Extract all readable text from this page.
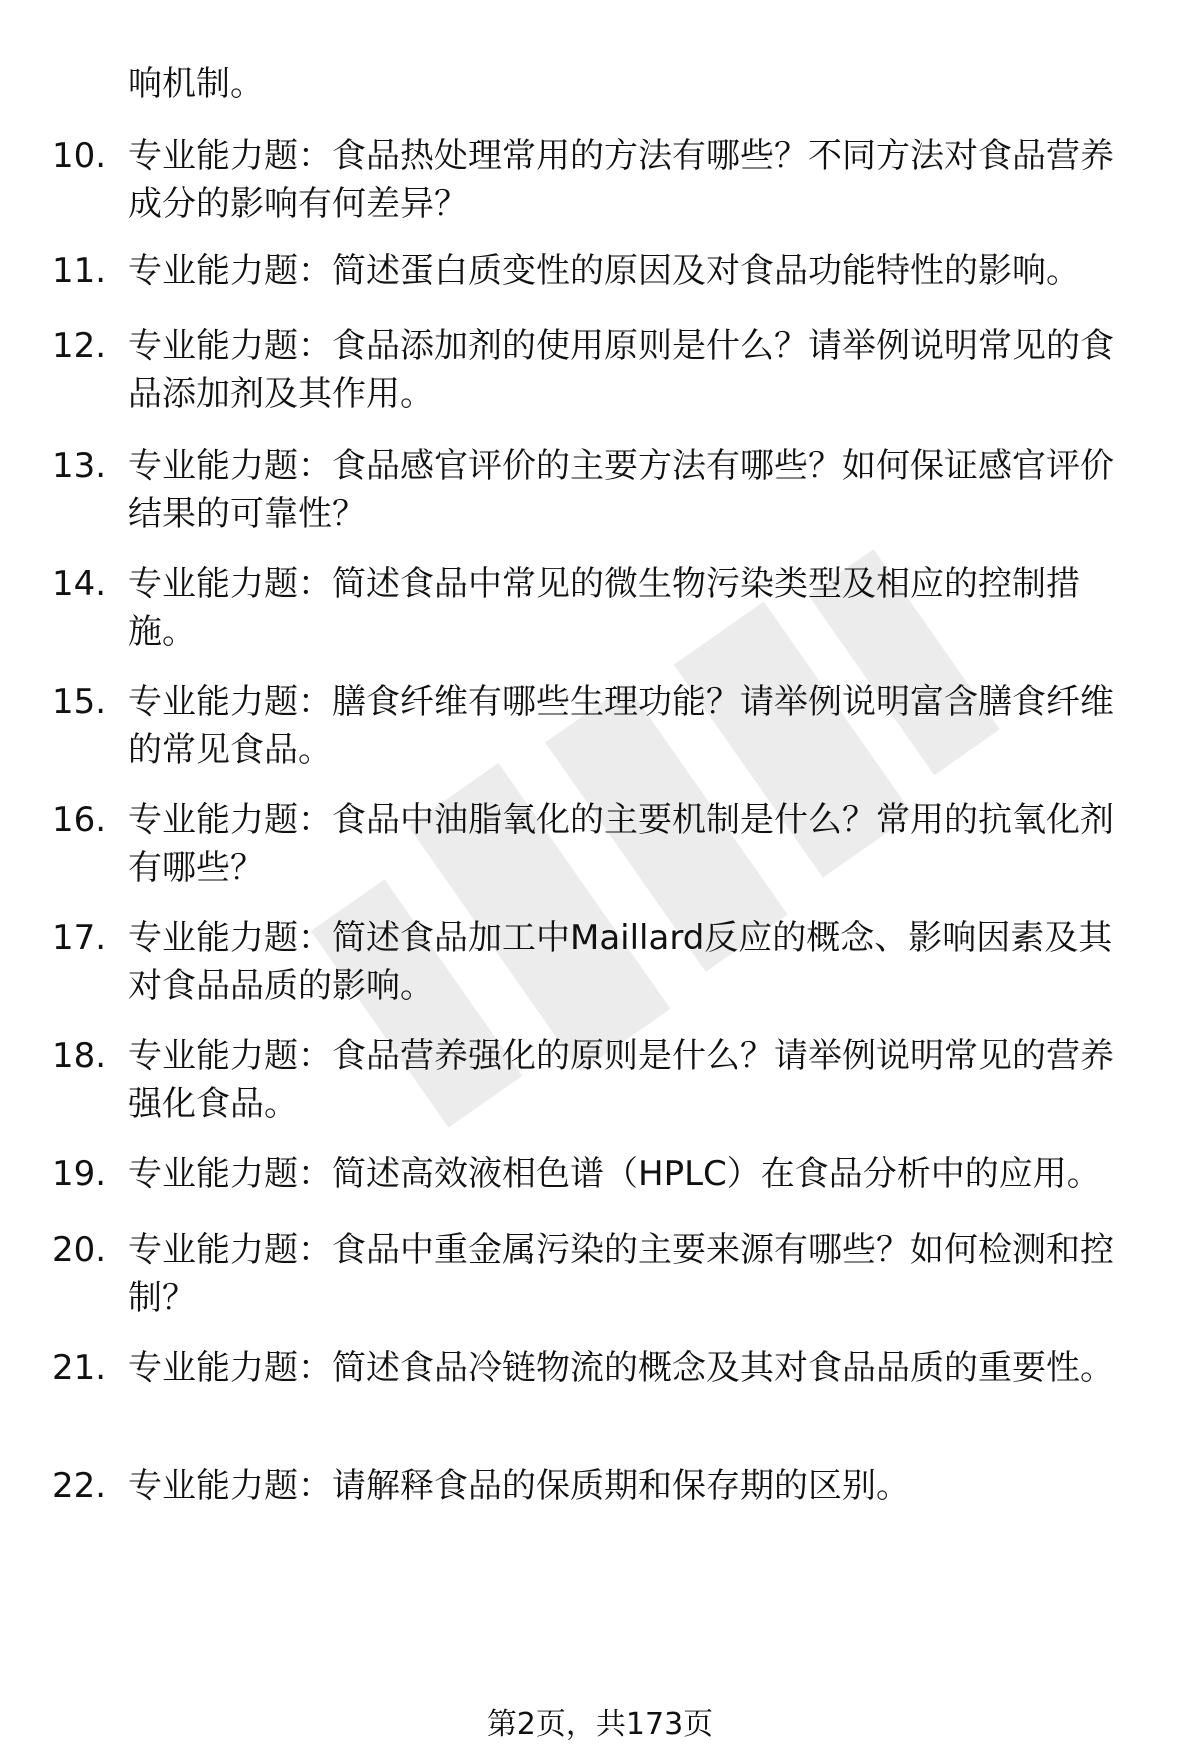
响机制。
10. 专业能力题：食品热处理常用的方法有哪些？不同方法对食品营养成分的影响有何差异？
11. 专业能力题：简述蛋白质变性的原因及对食品功能特性的影响。
12. 专业能力题：食品添加剂的使用原则是什么？请举例说明常见的食品添加剂及其作用。
13. 专业能力题：食品感官评价的主要方法有哪些？如何保证感官评价结果的可靠性？
14. 专业能力题：简述食品中常见的微生物污染类型及相应的控制措施。
15. 专业能力题：膳食纤维有哪些生理功能？请举例说明富含膳食纤维的常见食品。
16. 专业能力题：食品中油脂氧化的主要机制是什么？常用的抗氧化剂有哪些？
17. 专业能力题：简述食品加工中Maillard反应的概念、影响因素及其对食品品质的影响。
18. 专业能力题：食品营养强化的原则是什么？请举例说明常见的营养强化食品。
19. 专业能力题：简述高效液相色谱（HPLC）在食品分析中的应用。
20. 专业能力题：食品中重金属污染的主要来源有哪些？如何检测和控制？
21. 专业能力题：简述食品冷链物流的概念及其对食品品质的重要性。
22. 专业能力题：请解释食品的保质期和保存期的区别。
第2页，共173页
